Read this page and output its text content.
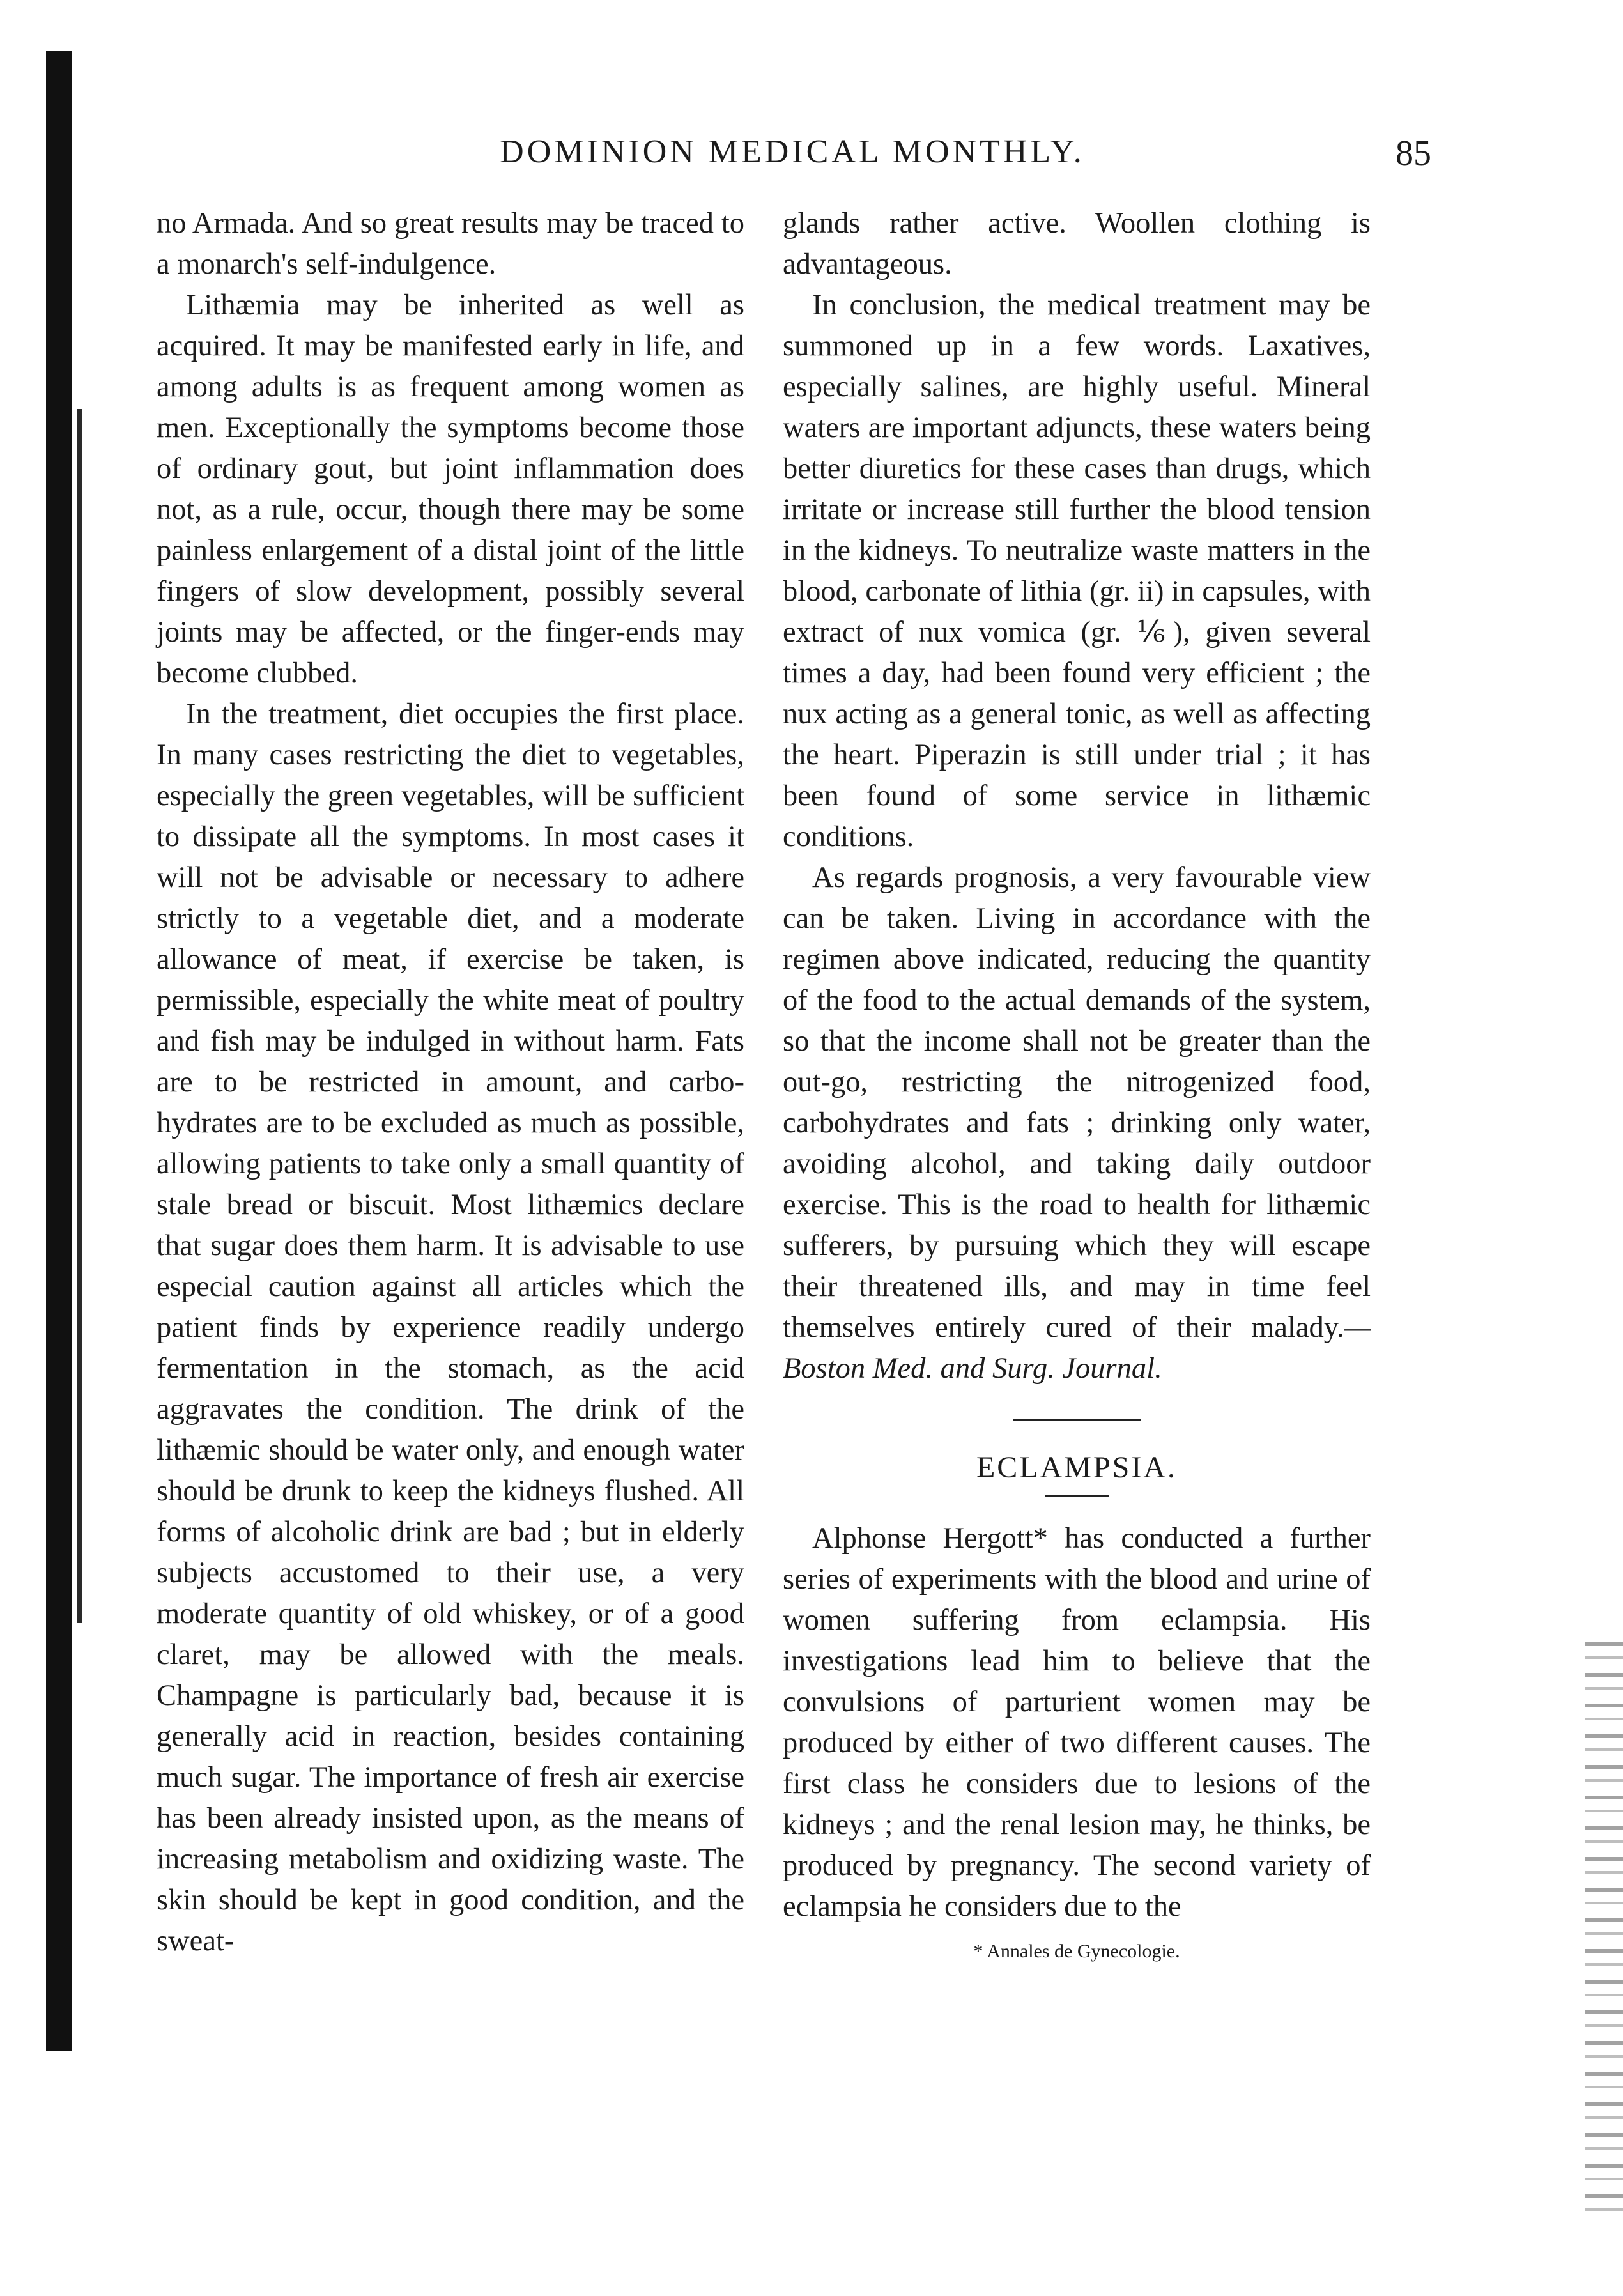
DOMINION MEDICAL MONTHLY.	85

no Armada. And so great results may be traced to a monarch's self-indulgence.

Lithæmia may be inherited as well as acquired. It may be manifested early in life, and among adults is as frequent among women as men. Exceptionally the symptoms become those of ordinary gout, but joint inflammation does not, as a rule, occur, though there may be some painless enlargement of a distal joint of the little fingers of slow development, possibly several joints may be affected, or the finger-ends may become clubbed.

In the treatment, diet occupies the first place. In many cases restricting the diet to vegetables, especially the green vegetables, will be sufficient to dissipate all the symptoms. In most cases it will not be advisable or necessary to adhere strictly to a vegetable diet, and a moderate allowance of meat, if exercise be taken, is permissible, especially the white meat of poultry and fish may be indulged in without harm. Fats are to be restricted in amount, and carbo-hydrates are to be excluded as much as possible, allowing patients to take only a small quantity of stale bread or biscuit. Most lithæmics declare that sugar does them harm. It is advisable to use especial caution against all articles which the patient finds by experience readily undergo fermentation in the stomach, as the acid aggravates the condition. The drink of the lithæmic should be water only, and enough water should be drunk to keep the kidneys flushed. All forms of alcoholic drink are bad ; but in elderly subjects accustomed to their use, a very moderate quantity of old whiskey, or of a good claret, may be allowed with the meals. Champagne is particularly bad, because it is generally acid in reaction, besides containing much sugar. The importance of fresh air exercise has been already insisted upon, as the means of increasing metabolism and oxidizing waste. The skin should be kept in good condition, and the sweat-

glands rather active. Woollen clothing is advantageous.

In conclusion, the medical treatment may be summoned up in a few words. Laxatives, especially salines, are highly useful. Mineral waters are important adjuncts, these waters being better diuretics for these cases than drugs, which irritate or increase still further the blood tension in the kidneys. To neutralize waste matters in the blood, carbonate of lithia (gr. ii) in capsules, with extract of nux vomica (gr. ⅙), given several times a day, had been found very efficient ; the nux acting as a general tonic, as well as affecting the heart. Piperazin is still under trial ; it has been found of some service in lithæmic conditions.

As regards prognosis, a very favourable view can be taken. Living in accordance with the regimen above indicated, reducing the quantity of the food to the actual demands of the system, so that the income shall not be greater than the out-go, restricting the nitrogenized food, carbohydrates and fats ; drinking only water, avoiding alcohol, and taking daily outdoor exercise. This is the road to health for lithæmic sufferers, by pursuing which they will escape their threatened ills, and may in time feel themselves entirely cured of their malady.—Boston Med. and Surg. Journal.

ECLAMPSIA.

Alphonse Hergott* has conducted a further series of experiments with the blood and urine of women suffering from eclampsia. His investigations lead him to believe that the convulsions of parturient women may be produced by either of two different causes. The first class he considers due to lesions of the kidneys ; and the renal lesion may, he thinks, be produced by pregnancy. The second variety of eclampsia he considers due to the

* Annales de Gynecologie.
